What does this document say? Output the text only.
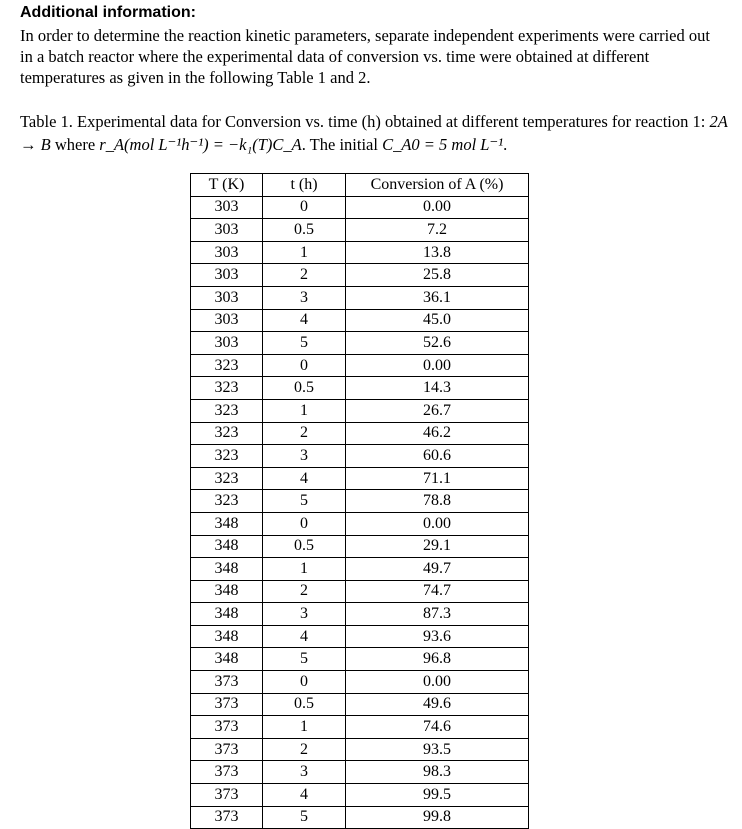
Additional information:
In order to determine the reaction kinetic parameters, separate independent experiments were carried out in a batch reactor where the experimental data of conversion vs. time were obtained at different temperatures as given in the following Table 1 and 2.
Table 1. Experimental data for Conversion vs. time (h) obtained at different temperatures for reaction 1: 2A → B where r_A(mol L⁻¹h⁻¹) = −k₁(T)C_A. The initial C_A0 = 5 mol L⁻¹.
T (K)	t (h)	Conversion of A (%)
303	0	0.00
303	0.5	7.2
303	1	13.8
303	2	25.8
303	3	36.1
303	4	45.0
303	5	52.6
323	0	0.00
323	0.5	14.3
323	1	26.7
323	2	46.2
323	3	60.6
323	4	71.1
323	5	78.8
348	0	0.00
348	0.5	29.1
348	1	49.7
348	2	74.7
348	3	87.3
348	4	93.6
348	5	96.8
373	0	0.00
373	0.5	49.6
373	1	74.6
373	2	93.5
373	3	98.3
373	4	99.5
373	5	99.8
